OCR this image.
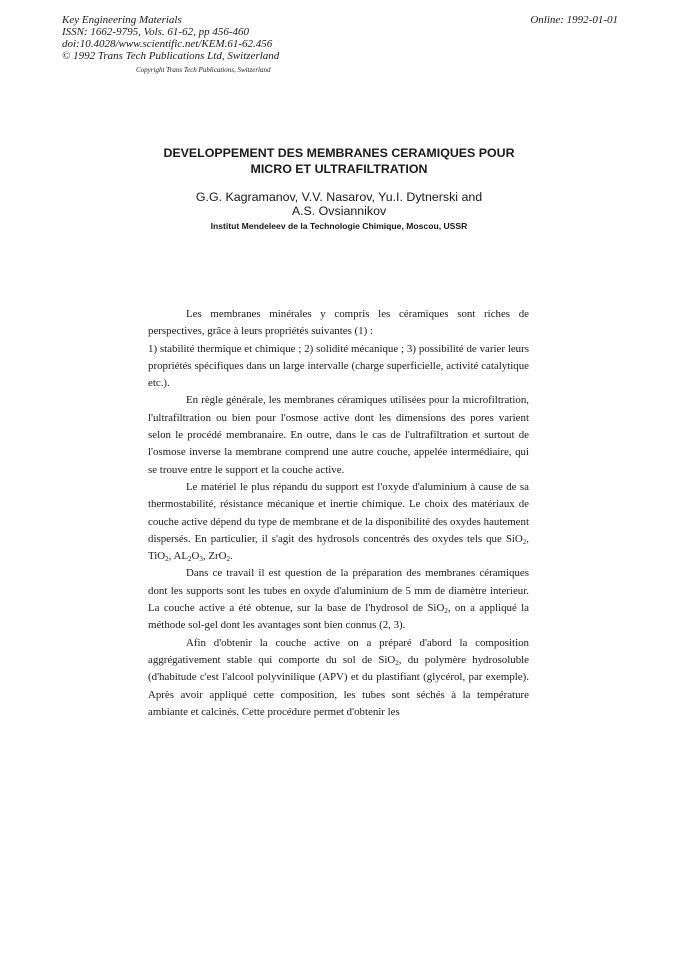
Key Engineering Materials
ISSN: 1662-9795, Vols. 61-62, pp 456-460
doi:10.4028/www.scientific.net/KEM.61-62.456
© 1992 Trans Tech Publications Ltd, Switzerland
Online: 1992-01-01
Copyright Trans Tech Publications, Switzerland
DEVELOPPEMENT DES MEMBRANES CERAMIQUES POUR
MICRO ET ULTRAFILTRATION
G.G. Kagramanov, V.V. Nasarov, Yu.I. Dytnerski and
A.S. Ovsiannikov
Institut Mendeleev de la Technologie Chimique, Moscou, USSR

Les membranes minérales y compris les céramiques sont riches de perspectives, grâce à leurs propriétés suivantes (1) :

1) stabilité thermique et chimique ; 2) solidité mécanique ; 3) possibilité de varier leurs propriétés spécifiques dans un large intervalle (charge superficielle, activité catalytique etc.).

En règle générale, les membranes céramiques utilisées pour la microfiltration, l'ultrafiltration ou bien pour l'osmose active dont les dimensions des pores varient selon le procédé membranaire. En outre, dans le cas de l'ultrafiltration et surtout de l'osmose inverse la membrane comprend une autre couche, appelée intermédiaire, qui se trouve entre le support et la couche active.

Le matériel le plus répandu du support est l'oxyde d'aluminium à cause de sa thermostabilité, résistance mécanique et inertie chimique. Le choix des matériaux de couche active dépend du type de membrane et de la disponibilité des oxydes hautement dispersés. En particulier, il s'agit des hydrosols concentrés des oxydes tels que SiO$_2$, TiO$_2$, $AL_2O_3$, ZrO$_2$.

Dans ce travail il est question de la préparation des membranes céramiques dont les supports sont les tubes en oxyde d'aluminium de 5 mm de diamètre interieur. La couche active a été obtenue, sur la base de l'hydrosol de SiO$_2$, on a appliqué la méthode sol-gel dont les avantages sont bien connus (2, 3).

Afin d'obtenir la couche active on a préparé d'abord la composition aggrégativement stable qui comporte du sol de SiO$_2$, du polymère hydrosoluble (d'habitude c'est l'alcool polyvinilique (APV) et du plastifiant (glycérol, par exemple). Après avoir appliqué cette composition, les tubes sont séchés à la température ambiante et calcinés. Cette procédure permet d'obtenir les
